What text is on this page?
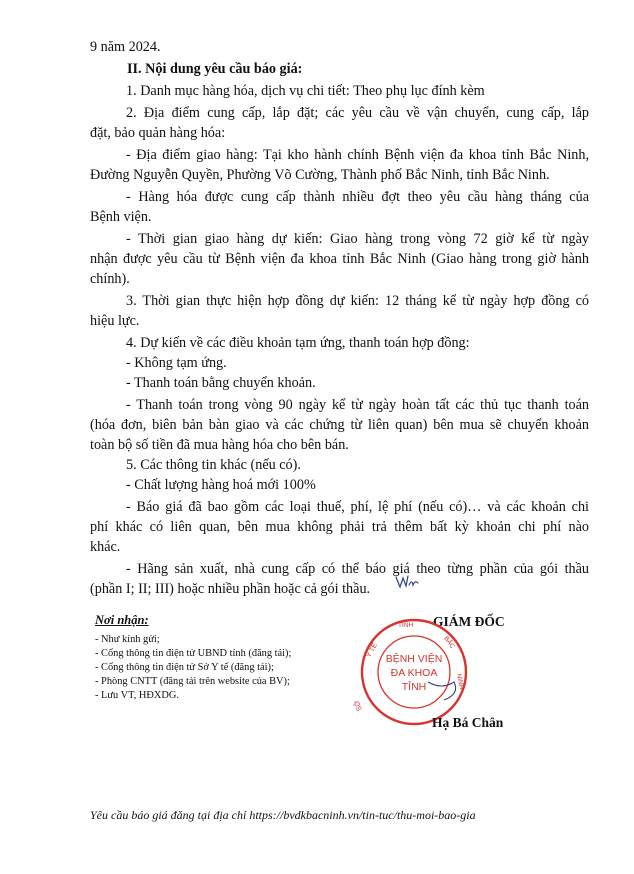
9 năm 2024.
II. Nội dung yêu cầu báo giá:
1. Danh mục hàng hóa, dịch vụ chi tiết: Theo phụ lục đính kèm
2. Địa điểm cung cấp, lắp đặt; các yêu cầu về vận chuyển, cung cấp, lắp
đặt, bảo quản hàng hóa:
- Địa điểm giao hàng: Tại kho hành chính Bệnh viện đa khoa tỉnh Bắc Ninh,
Đường Nguyễn Quyền, Phường Võ Cường, Thành phố Bắc Ninh, tỉnh Bắc Ninh.
- Hàng hóa được cung cấp thành nhiều đợt theo yêu cầu hàng tháng của
Bệnh viện.
- Thời gian giao hàng dự kiến: Giao hàng trong vòng 72 giờ kể từ ngày
nhận được yêu cầu từ Bệnh viện đa khoa tỉnh Bắc Ninh (Giao hàng trong giờ hành
chính).
3. Thời gian thực hiện hợp đồng dự kiến: 12 tháng kể từ ngày hợp đồng có
hiệu lực.
4. Dự kiến về các điều khoản tạm ứng, thanh toán hợp đồng:
- Không tạm ứng.
- Thanh toán bằng chuyển khoản.
- Thanh toán trong vòng 90 ngày kể từ ngày hoàn tất các thủ tục thanh toán
(hóa đơn, biên bản bàn giao và các chứng từ liên quan) bên mua sẽ chuyển khoản
toàn bộ số tiền đã mua hàng hóa cho bên bán.
5. Các thông tin khác (nếu có).
- Chất lượng hàng hoá mới 100%
- Báo giá đã bao gồm các loại thuế, phí, lệ phí (nếu có)… và các khoản chi
phí khác có liên quan, bên mua không phải trả thêm bất kỳ khoản chi phí nào
khác.
- Hãng sản xuất, nhà cung cấp có thể báo giá theo từng phần của gói thầu
(phần I; II; III) hoặc nhiều phần hoặc cả gói thầu.
Nơi nhận:
- Như kính gửi;
- Cổng thông tin điện tử UBND tỉnh (đăng tải);
- Cổng thông tin điện tử Sở Y tế (đăng tải);
- Phòng CNTT (đăng tải trên website của BV);
- Lưu VT, HĐXDG.
GIÁM ĐỐC
BỆNH VIỆN
ĐA KHOA
TỈNH
Y TẾ
TỈNH
BẮC
NINH
SỞ
Hạ Bá Chân
Yêu cầu báo giá đăng tại địa chỉ https://bvdkbacninh.vn/tin-tuc/thu-moi-bao-gia
